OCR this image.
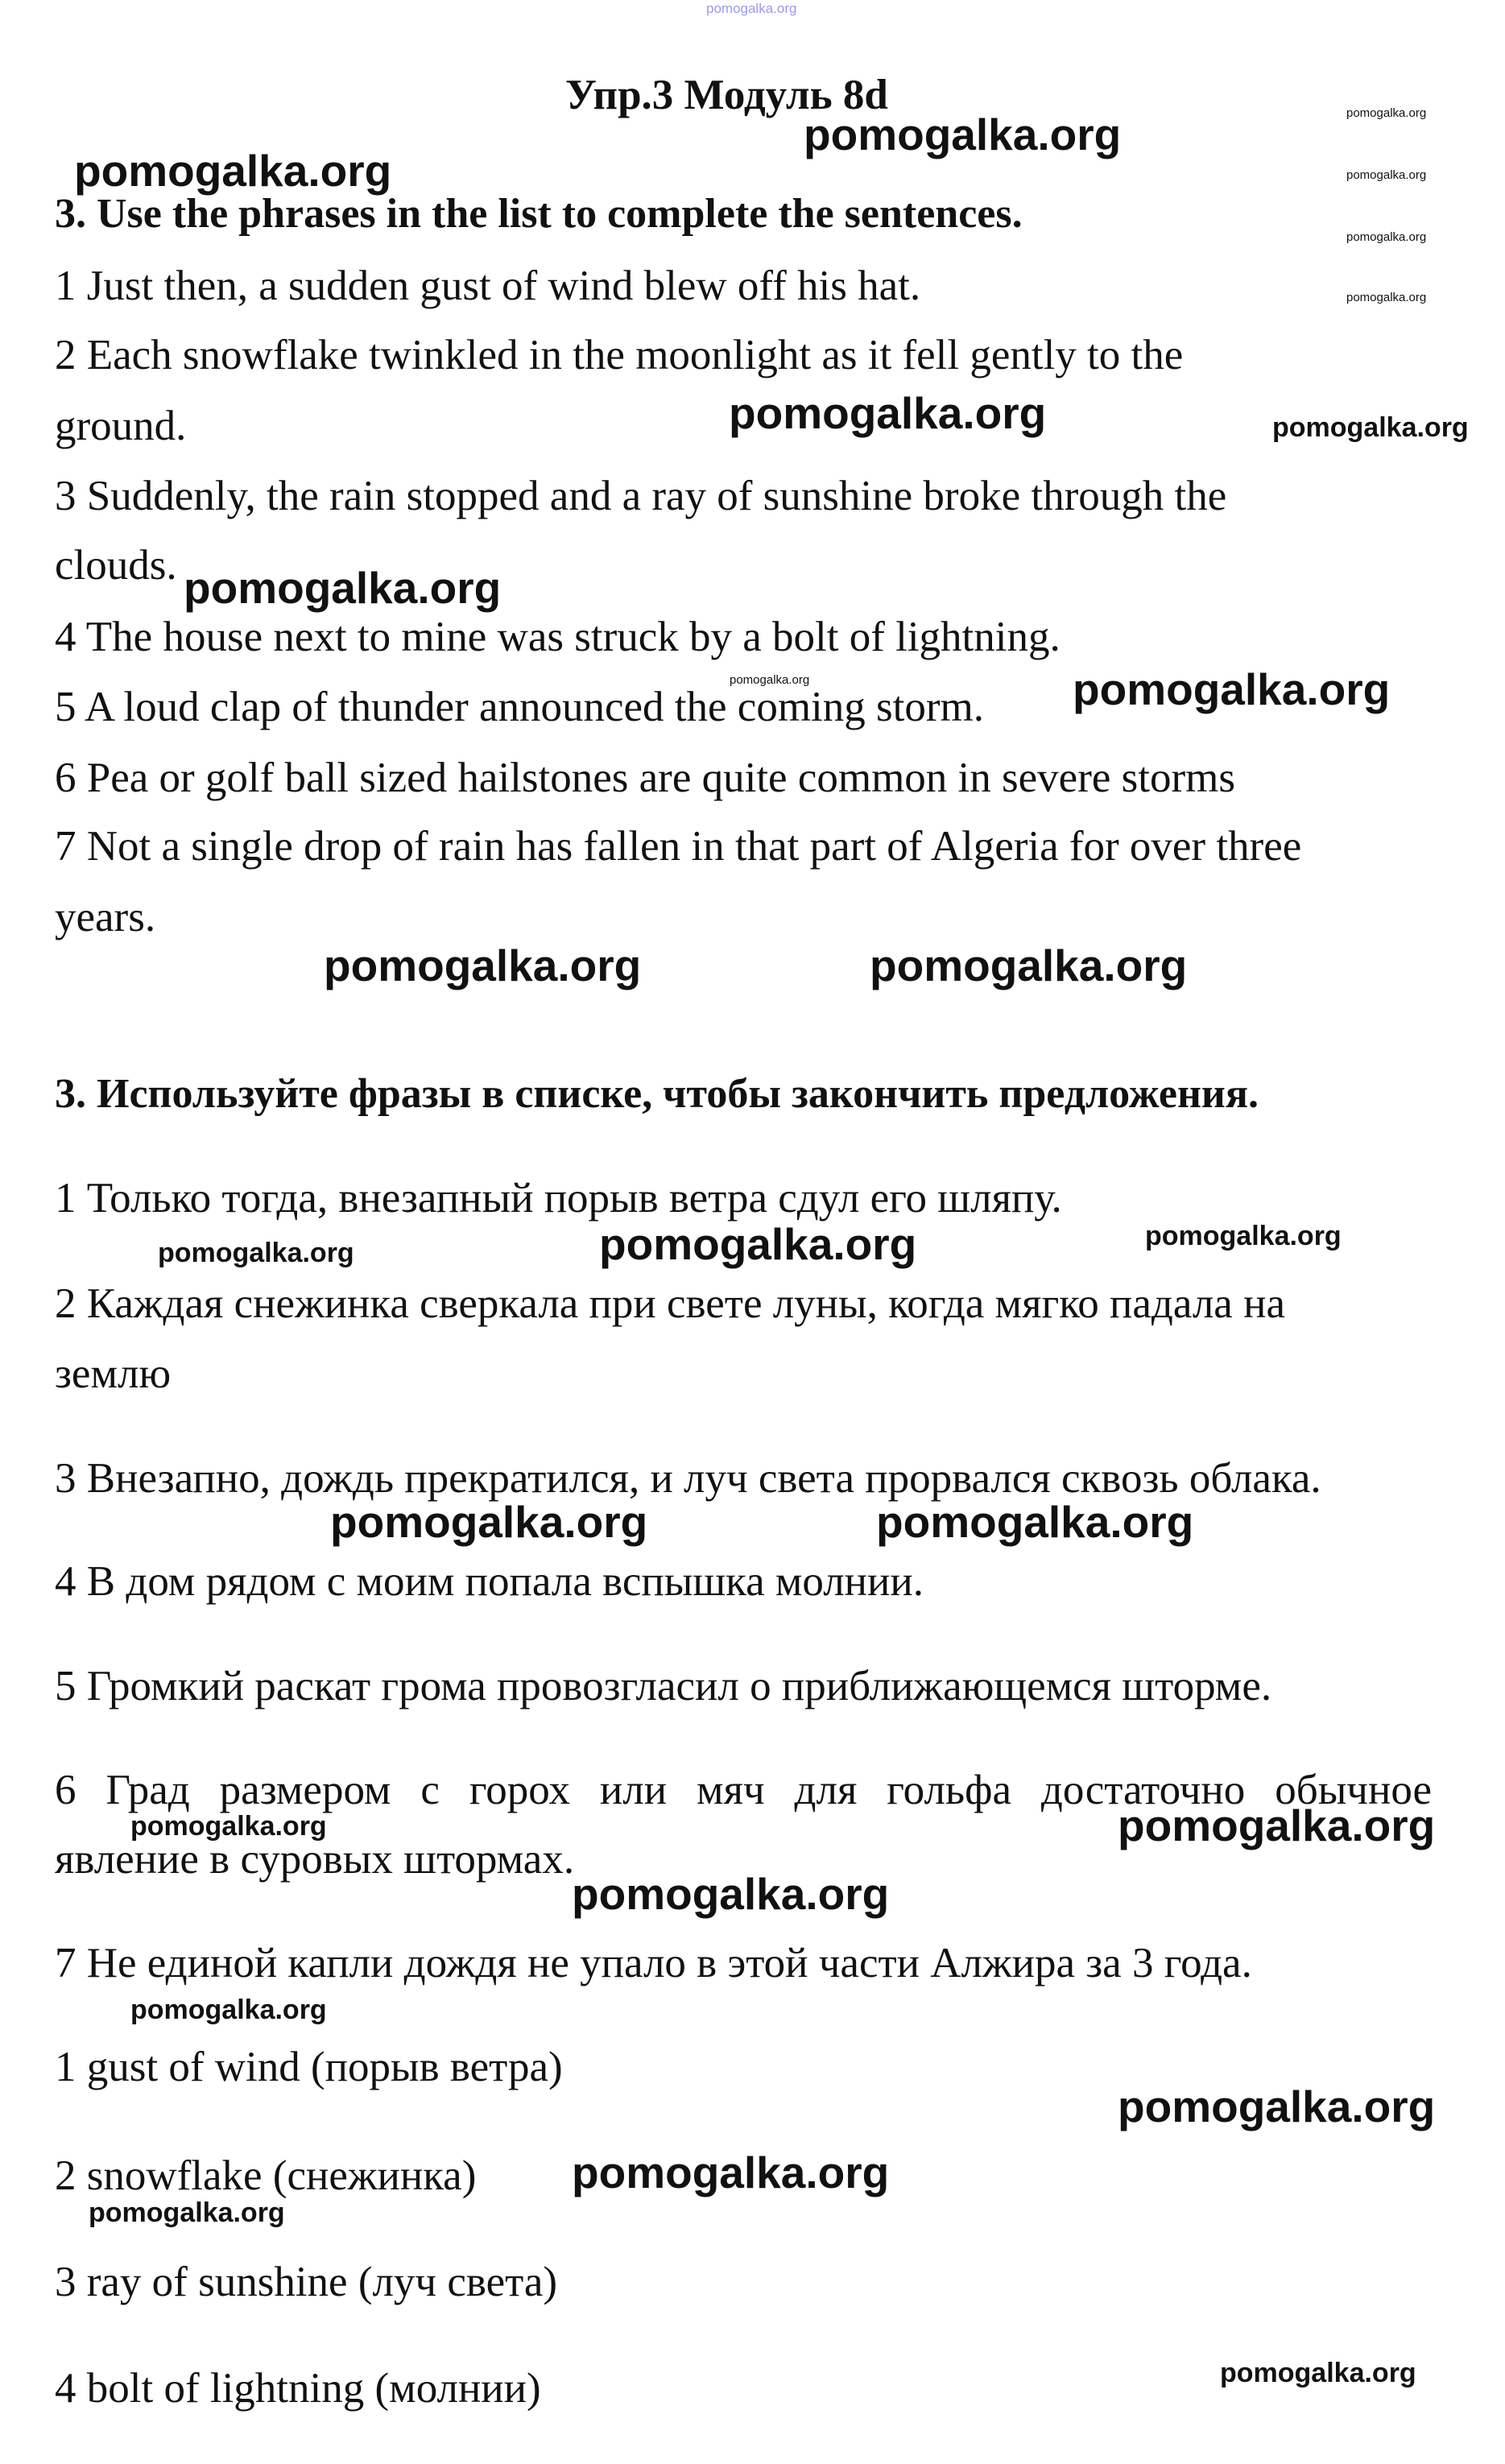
pomogalka.org
Упр.3 Модуль 8d
3. Use the phrases in the list to complete the sentences.
1 Just then, a sudden gust of wind blew off his hat.
2 Each snowflake twinkled in the moonlight as it fell gently to the
ground.
3 Suddenly, the rain stopped and a ray of sunshine broke through the
clouds.
4 The house next to mine was struck by a bolt of lightning.
5 A loud clap of thunder announced the coming storm.
6 Pea or golf ball sized hailstones are quite common in severe storms
7 Not a single drop of rain has fallen in that part of Algeria for over three
years.
3. Используйте фразы в списке, чтобы закончить предложения.
1 Только тогда, внезапный порыв ветра сдул его шляпу.
2 Каждая снежинка сверкала при свете луны, когда мягко падала на
землю
3 Внезапно, дождь прекратился, и луч света прорвался сквозь облака.
4 В дом рядом с моим попала вспышка молнии.
5 Громкий раскат грома провозгласил о приближающемся шторме.
6 Град размером с горох или мяч для гольфа достаточно обычное
явление в суровых штормах.
7 Не единой капли дождя не упало в этой части Алжира за 3 года.
1 gust of wind (порыв ветра)
2 snowflake (снежинка)
3 ray of sunshine (луч света)
4 bolt of lightning (молнии)
pomogalka.org
pomogalka.org
pomogalka.org
pomogalka.org
pomogalka.org
pomogalka.org
pomogalka.org	pomogalka.org
pomogalka.org
pomogalka.org	pomogalka.org
pomogalka.org	pomogalka.org
pomogalka.org	pomogalka.org	pomogalka.org
pomogalka.org	pomogalka.org
pomogalka.org	pomogalka.org
pomogalka.org
pomogalka.org
pomogalka.org
pomogalka.org
pomogalka.org
pomogalka.org
